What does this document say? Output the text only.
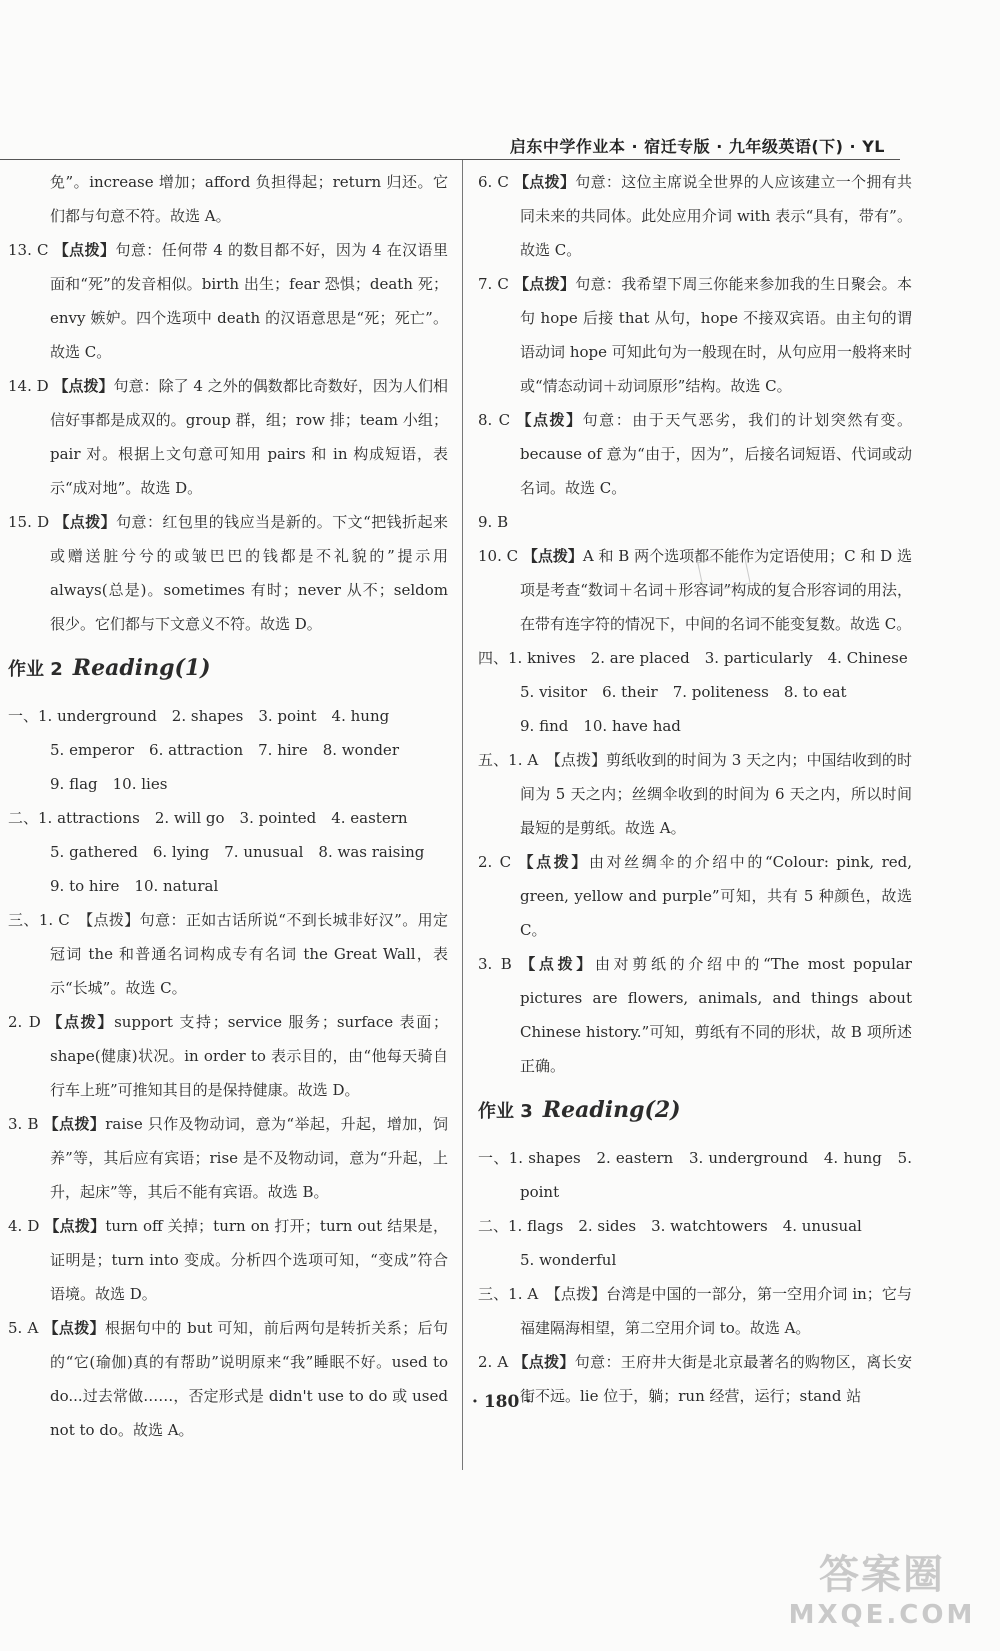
启东中学作业本 · 宿迁专版 · 九年级英语(下) · YL

免”。increase 增加；afford 负担得起；return 归还。它们都与句意不符。故选 A。

13. C 【点拨】句意：任何带 4 的数目都不好，因为 4 在汉语里面和“死”的发音相似。birth 出生；fear 恐惧；death 死；envy 嫉妒。四个选项中 death 的汉语意思是“死；死亡”。故选 C。

14. D 【点拨】句意：除了 4 之外的偶数都比奇数好，因为人们相信好事都是成双的。group 群，组；row 排；team 小组；pair 对。根据上文句意可知用 pairs 和 in 构成短语，表示“成对地”。故选 D。

15. D 【点拨】句意：红包里的钱应当是新的。下文“把钱折起来或赠送脏兮兮的或皱巴巴的钱都是不礼貌的”提示用 always(总是)。sometimes 有时；never 从不；seldom 很少。它们都与下文意义不符。故选 D。

作业 2 Reading(1)

一、1. underground　2. shapes　3. point　4. hung

5. emperor　6. attraction　7. hire　8. wonder

9. flag　10. lies

二、1. attractions　2. will go　3. pointed　4. eastern

5. gathered　6. lying　7. unusual　8. was raising

9. to hire　10. natural

三、1. C　【点拨】句意：正如古话所说“不到长城非好汉”。用定冠词 the 和普通名词构成专有名词 the Great Wall，表示“长城”。故选 C。

2. D 【点拨】support 支持；service 服务；surface 表面；shape(健康)状况。in order to 表示目的，由“他每天骑自行车上班”可推知其目的是保持健康。故选 D。

3. B 【点拨】raise 只作及物动词，意为“举起，升起，增加，饲养”等，其后应有宾语；rise 是不及物动词，意为“升起，上升，起床”等，其后不能有宾语。故选 B。

4. D 【点拨】turn off 关掉；turn on 打开；turn out 结果是，证明是；turn into 变成。分析四个选项可知，“变成”符合语境。故选 D。

5. A 【点拨】根据句中的 but 可知，前后两句是转折关系；后句的“它(瑜伽)真的有帮助”说明原来“我”睡眠不好。used to do...过去常做……，否定形式是 didn't use to do 或 used not to do。故选 A。

6. C 【点拨】句意：这位主席说全世界的人应该建立一个拥有共同未来的共同体。此处应用介词 with 表示“具有，带有”。故选 C。

7. C 【点拨】句意：我希望下周三你能来参加我的生日聚会。本句 hope 后接 that 从句，hope 不接双宾语。由主句的谓语动词 hope 可知此句为一般现在时，从句应用一般将来时或“情态动词＋动词原形”结构。故选 C。

8. C 【点拨】句意：由于天气恶劣，我们的计划突然有变。because of 意为“由于，因为”，后接名词短语、代词或动名词。故选 C。

9. B

10. C 【点拨】A 和 B 两个选项都不能作为定语使用；C 和 D 选项是考查“数词＋名词＋形容词”构成的复合形容词的用法，在带有连字符的情况下，中间的名词不能变复数。故选 C。

四、1. knives　2. are placed　3. particularly　4. Chinese

5. visitor　6. their　7. politeness　8. to eat

9. find　10. have had

五、1. A　【点拨】剪纸收到的时间为 3 天之内；中国结收到的时间为 5 天之内；丝绸伞收到的时间为 6 天之内，所以时间最短的是剪纸。故选 A。

2. C 【点拨】由对丝绸伞的介绍中的“Colour: pink, red, green, yellow and purple”可知，共有 5 种颜色，故选 C。

3. B 【点拨】由对剪纸的介绍中的“The most popular pictures are flowers, animals, and things about Chinese history.”可知，剪纸有不同的形状，故 B 项所述正确。

作业 3 Reading(2)

一、1. shapes　2. eastern　3. underground　4. hung　5. point

二、1. flags　2. sides　3. watchtowers　4. unusual

5. wonderful

三、1. A　【点拨】台湾是中国的一部分，第一空用介词 in；它与福建隔海相望，第二空用介词 to。故选 A。

2. A 【点拨】句意：王府井大街是北京最著名的购物区，离长安街不远。lie 位于，躺；run 经营，运行；stand 站

· 180 ·
答案圈
MXQE.COM
